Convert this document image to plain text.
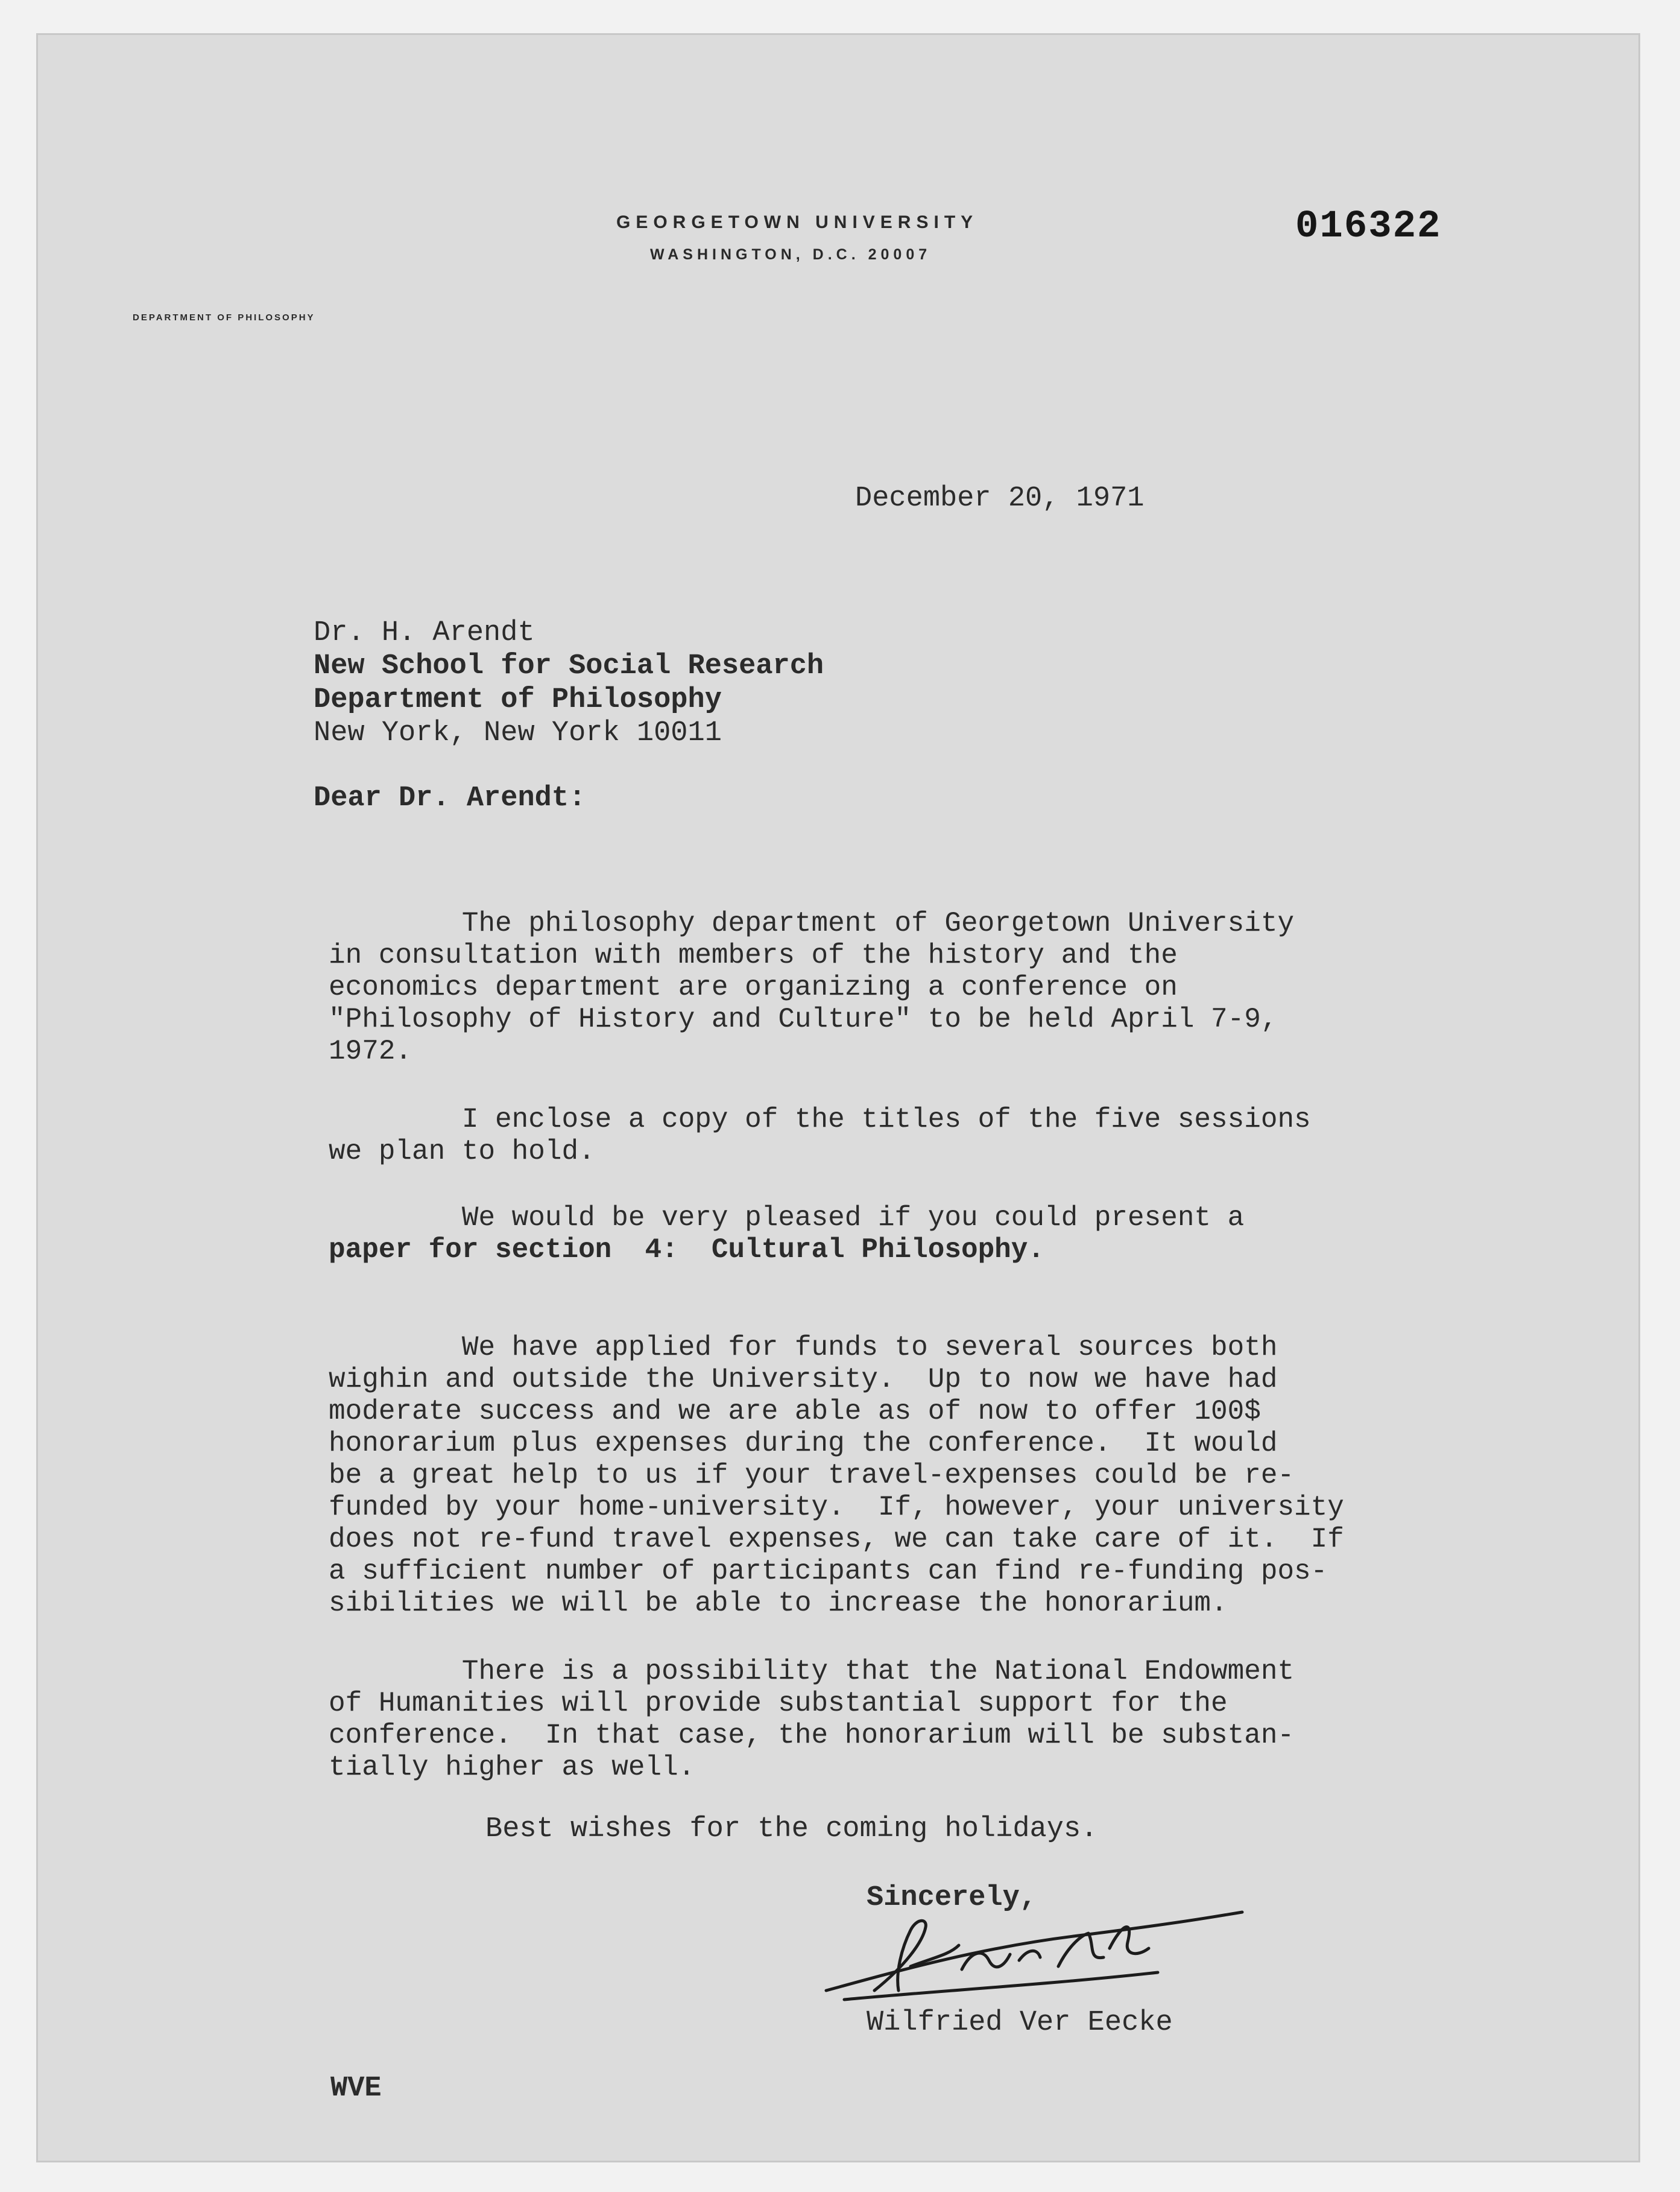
GEORGETOWN UNIVERSITY
WASHINGTON, D.C. 20007
DEPARTMENT OF PHILOSOPHY
016322
December 20, 1971
Dr. H. Arendt
New School for Social Research
Department of Philosophy
New York, New York 10011
Dear Dr. Arendt:
The philosophy department of Georgetown University
in consultation with members of the history and the
economics department are organizing a conference on
"Philosophy of History and Culture" to be held April 7-9,
1972.
I enclose a copy of the titles of the five sessions
we plan to hold.
We would be very pleased if you could present a
paper for section  4:  Cultural Philosophy.
We have applied for funds to several sources both
wighin and outside the University.  Up to now we have had
moderate success and we are able as of now to offer 100$
honorarium plus expenses during the conference.  It would
be a great help to us if your travel-expenses could be re-
funded by your home-university.  If, however, your university
does not re-fund travel expenses, we can take care of it.  If
a sufficient number of participants can find re-funding pos-
sibilities we will be able to increase the honorarium.
There is a possibility that the National Endowment
of Humanities will provide substantial support for the
conference.  In that case, the honorarium will be substan-
tially higher as well.
Best wishes for the coming holidays.
Sincerely,
Wilfried Ver Eecke
WVE
